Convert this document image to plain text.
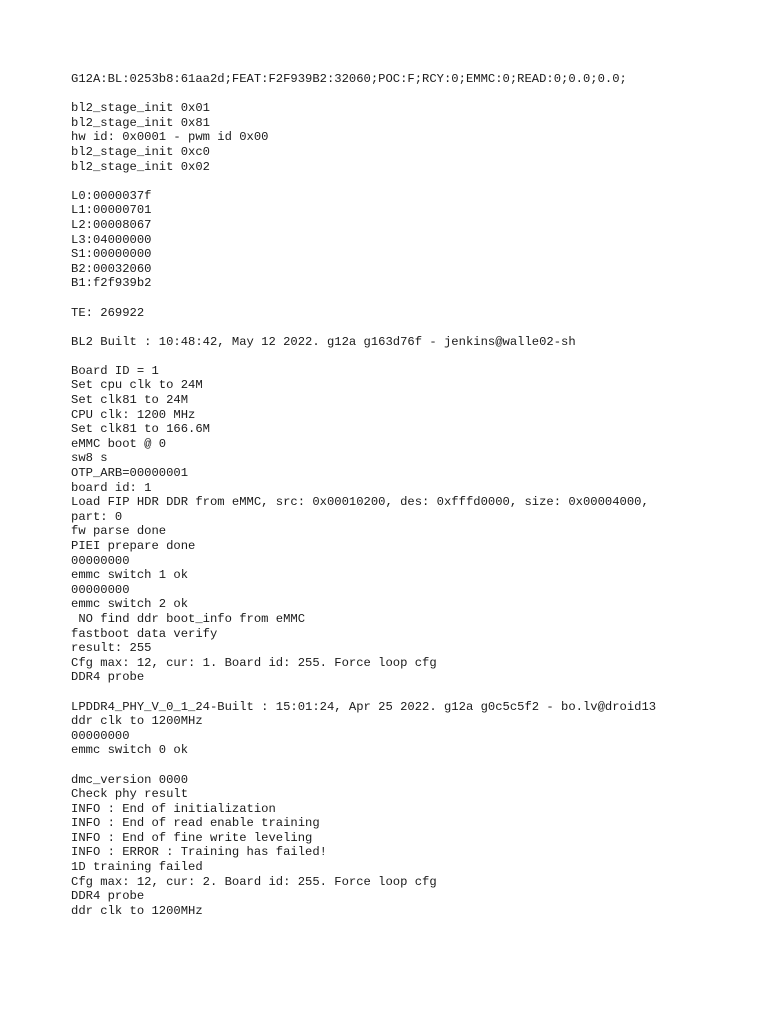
G12A:BL:0253b8:61aa2d;FEAT:F2F939B2:32060;POC:F;RCY:0;EMMC:0;READ:0;0.0;0.0;
bl2_stage_init 0x01
bl2_stage_init 0x81
hw id: 0x0001 - pwm id 0x00
bl2_stage_init 0xc0
bl2_stage_init 0x02
L0:0000037f
L1:00000701
L2:00008067
L3:04000000
S1:00000000
B2:00032060
B1:f2f939b2
TE: 269922
BL2 Built : 10:48:42, May 12 2022. g12a g163d76f - jenkins@walle02-sh
Board ID = 1
Set cpu clk to 24M
Set clk81 to 24M
CPU clk: 1200 MHz
Set clk81 to 166.6M
eMMC boot @ 0
sw8 s
OTP_ARB=00000001
board id: 1
Load FIP HDR DDR from eMMC, src: 0x00010200, des: 0xfffd0000, size: 0x00004000,
part: 0
fw parse done
PIEI prepare done
00000000
emmc switch 1 ok
00000000
emmc switch 2 ok
NO find ddr boot_info from eMMC
fastboot data verify
result: 255
Cfg max: 12, cur: 1. Board id: 255. Force loop cfg
DDR4 probe
LPDDR4_PHY_V_0_1_24-Built : 15:01:24, Apr 25 2022. g12a g0c5c5f2 - bo.lv@droid13
ddr clk to 1200MHz
00000000
emmc switch 0 ok
dmc_version 0000
Check phy result
INFO : End of initialization
INFO : End of read enable training
INFO : End of fine write leveling
INFO : ERROR : Training has failed!
1D training failed
Cfg max: 12, cur: 2. Board id: 255. Force loop cfg
DDR4 probe
ddr clk to 1200MHz
